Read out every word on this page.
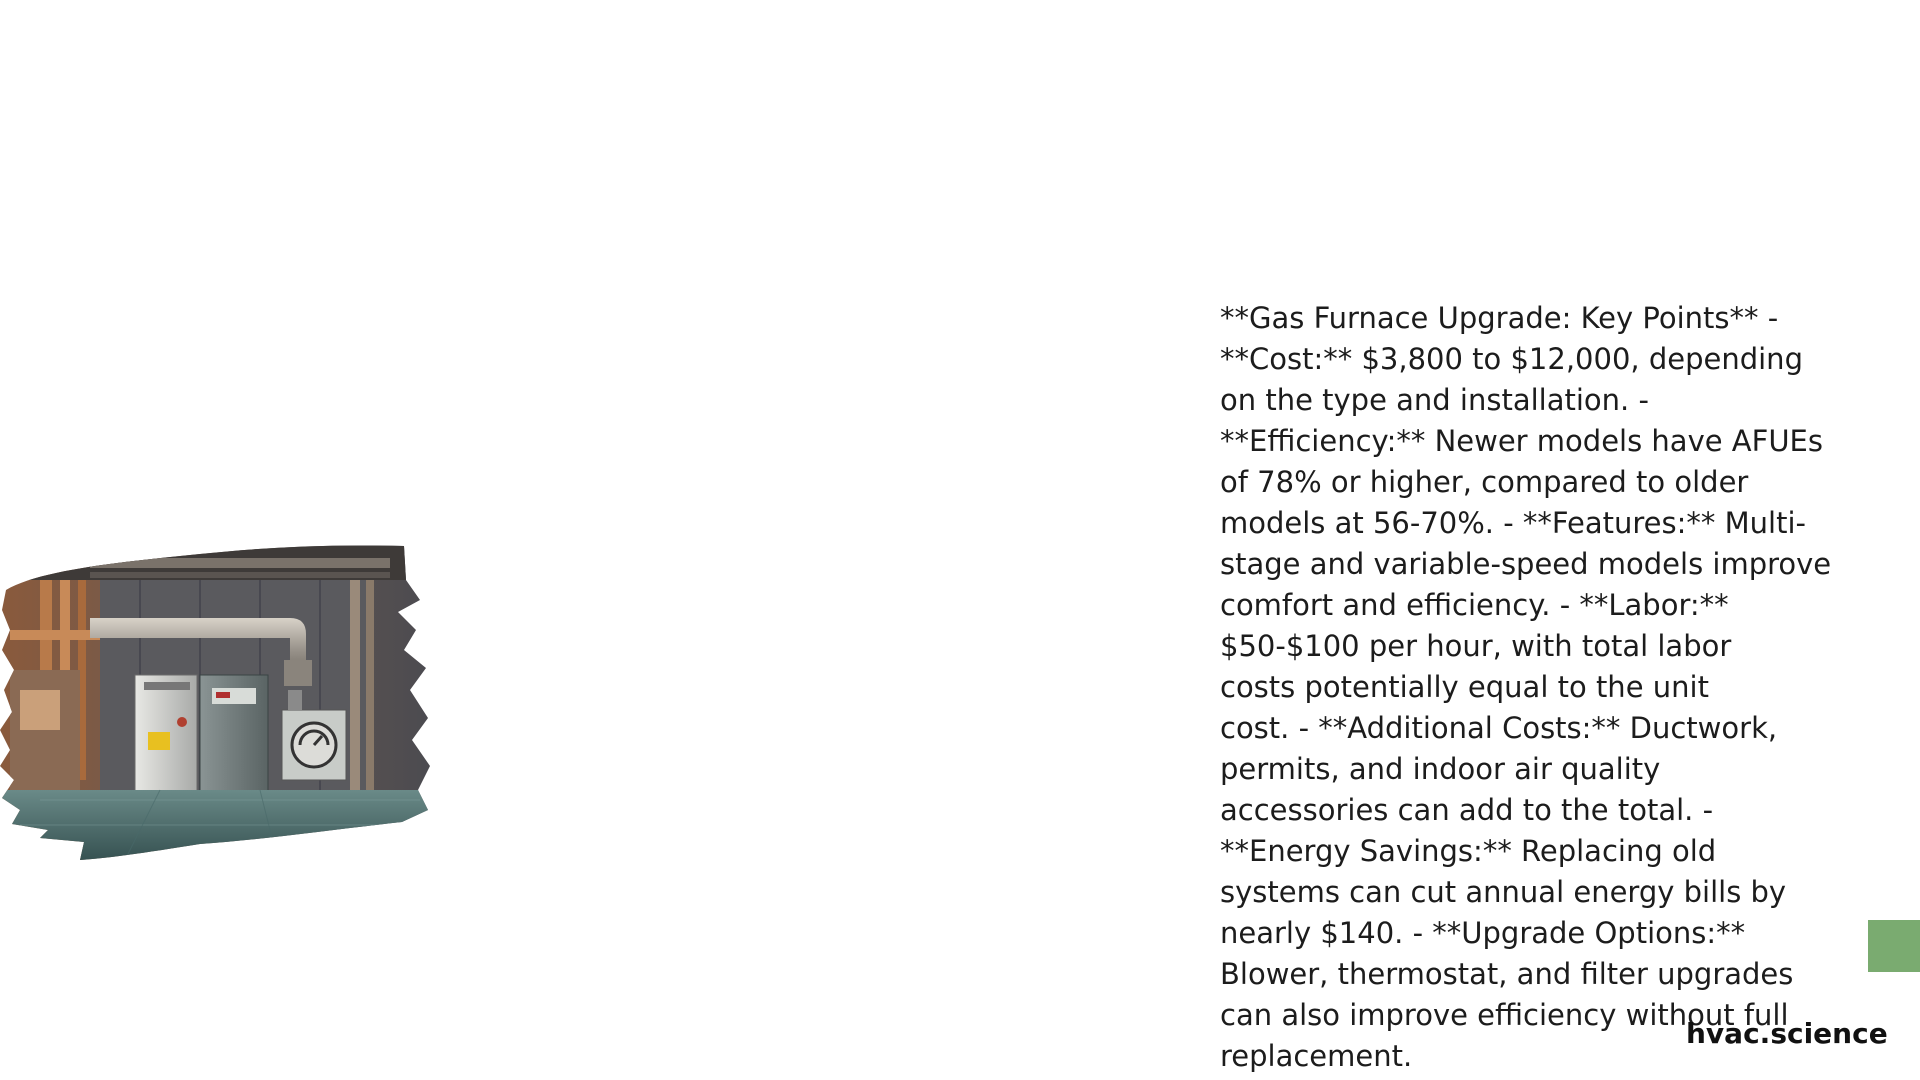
**Gas Furnace Upgrade: Key Points** -
**Cost:** $3,800 to $12,000, depending
on the type and installation. -
**Efficiency:** Newer models have AFUEs
of 78% or higher, compared to older
models at 56-70%. - **Features:** Multi-
stage and variable-speed models improve
comfort and efficiency. - **Labor:**
$50-$100 per hour, with total labor
costs potentially equal to the unit
cost. - **Additional Costs:** Ductwork,
permits, and indoor air quality
accessories can add to the total. -
**Energy Savings:** Replacing old
systems can cut annual energy bills by
nearly $140. - **Upgrade Options:**
Blower, thermostat, and filter upgrades
can also improve efficiency without full
replacement.
hvac.science
